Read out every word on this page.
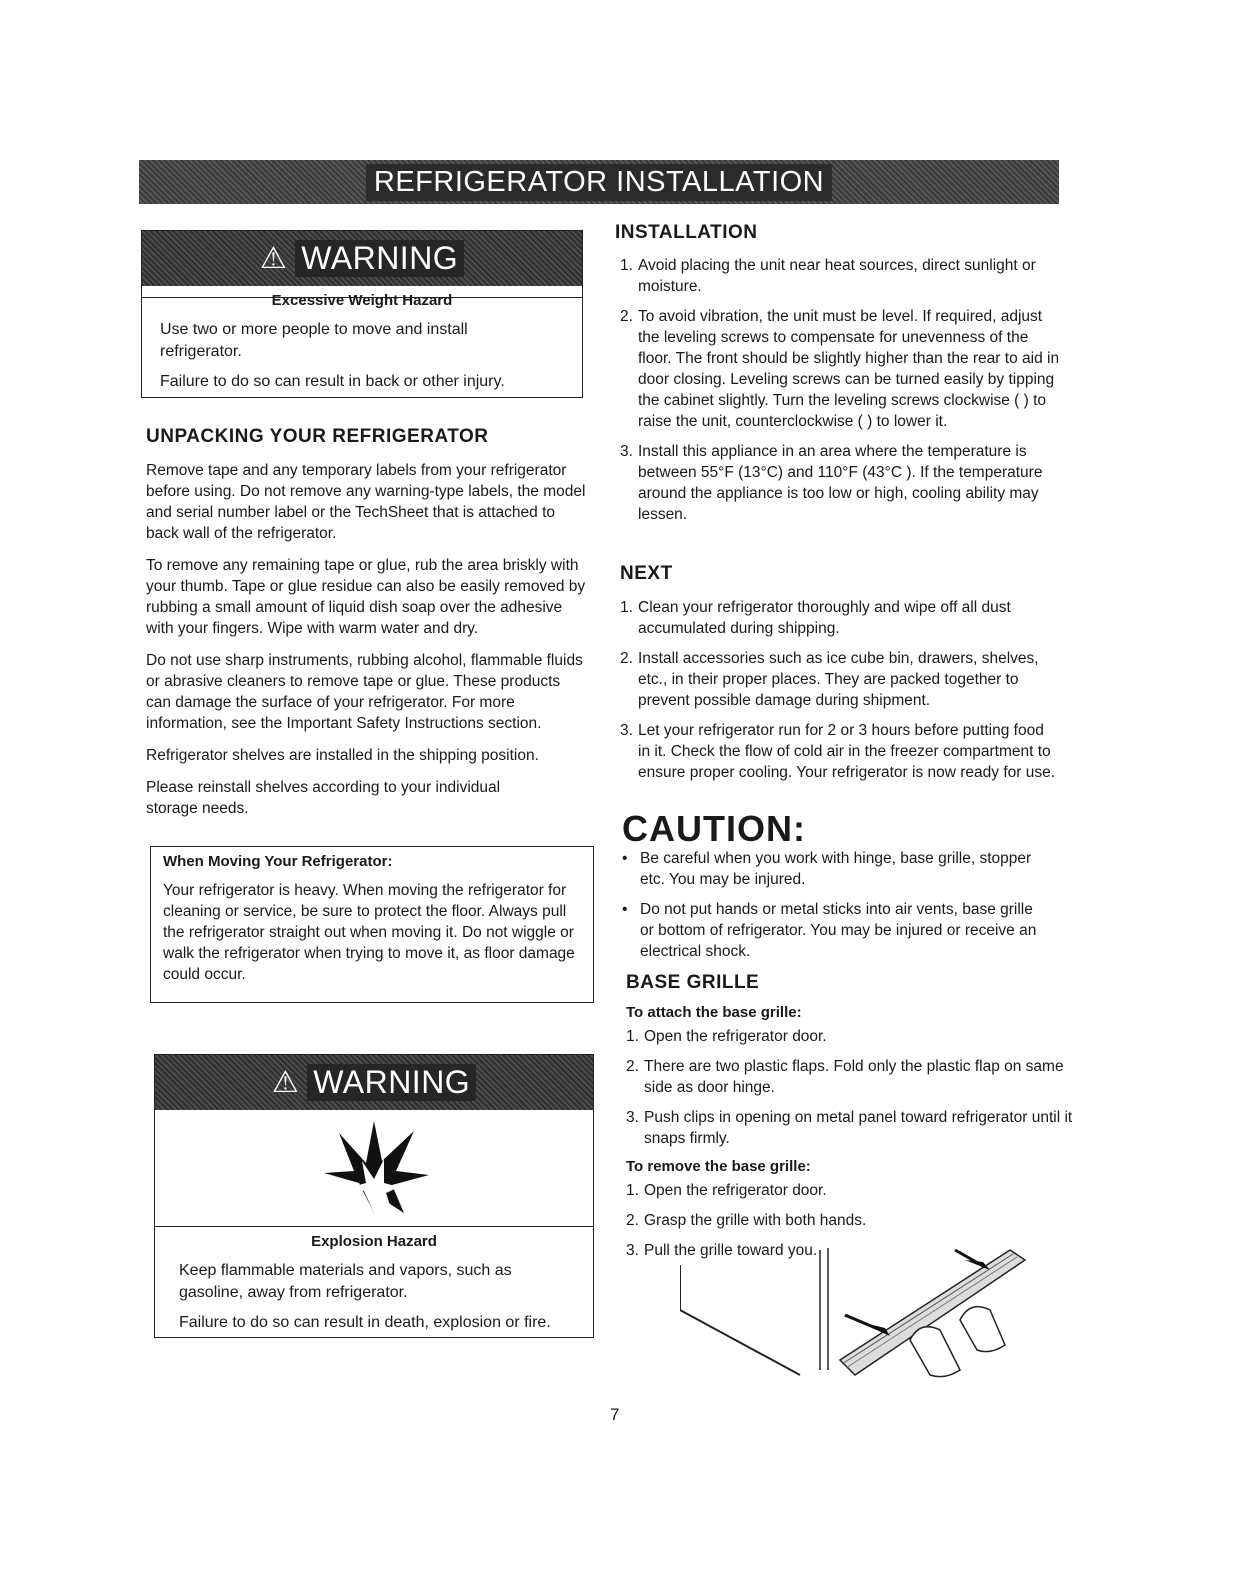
REFRIGERATOR INSTALLATION
⚠ WARNING
Excessive Weight Hazard

Use two or more people to move and install refrigerator.

Failure to do so can result in back or other injury.

UNPACKING YOUR REFRIGERATOR

Remove tape and any temporary labels from your refrigerator before using. Do not remove any warning-type labels, the model and serial number label or the TechSheet that is attached to back wall of the refrigerator.

To remove any remaining tape or glue, rub the area briskly with your thumb. Tape or glue residue can also be easily removed by rubbing a small amount of liquid dish soap over the adhesive with your fingers. Wipe with warm water and dry.

Do not use sharp instruments, rubbing alcohol, flammable fluids or abrasive cleaners to remove tape or glue. These products can damage the surface of your refrigerator. For more information, see the Important Safety Instructions section.

Refrigerator shelves are installed in the shipping position.

Please reinstall shelves according to your individual storage needs.

When Moving Your Refrigerator:
Your refrigerator is heavy. When moving the refrigerator for cleaning or service, be sure to protect the floor. Always pull the refrigerator straight out when moving it. Do not wiggle or walk the refrigerator when trying to move it, as floor damage could occur.
⚠ WARNING
Explosion Hazard

Keep flammable materials and vapors, such as gasoline, away from refrigerator.

Failure to do so can result in death, explosion or fire.

INSTALLATION
1. Avoid placing the unit near heat sources, direct sunlight or moisture.
2. To avoid vibration, the unit must be level. If required, adjust the leveling screws to compensate for unevenness of the floor. The front should be slightly higher than the rear to aid in door closing. Leveling screws can be turned easily by tipping the cabinet slightly. Turn the leveling screws clockwise ( ) to raise the unit, counterclockwise ( ) to lower it.
3. Install this appliance in an area where the temperature is between 55°F (13°C) and 110°F (43°C ). If the temperature around the appliance is too low or high, cooling ability may lessen.
NEXT
1. Clean your refrigerator thoroughly and wipe off all dust accumulated during shipping.
2. Install accessories such as ice cube bin, drawers, shelves, etc., in their proper places. They are packed together to prevent possible damage during shipment.
3. Let your refrigerator run for 2 or 3 hours before putting food in it. Check the flow of cold air in the freezer compartment to ensure proper cooling. Your refrigerator is now ready for use.
CAUTION:
• Be careful when you work with hinge, base grille, stopper etc. You may be injured.
• Do not put hands or metal sticks into air vents, base grille or bottom of refrigerator. You may be injured or receive an electrical shock.
BASE GRILLE
To attach the base grille:
1. Open the refrigerator door.
2. There are two plastic flaps. Fold only the plastic flap on same side as door hinge.
3. Push clips in opening on metal panel toward refrigerator until it snaps firmly.
To remove the base grille:
1. Open the refrigerator door.
2. Grasp the grille with both hands.
3. Pull the grille toward you.
7
